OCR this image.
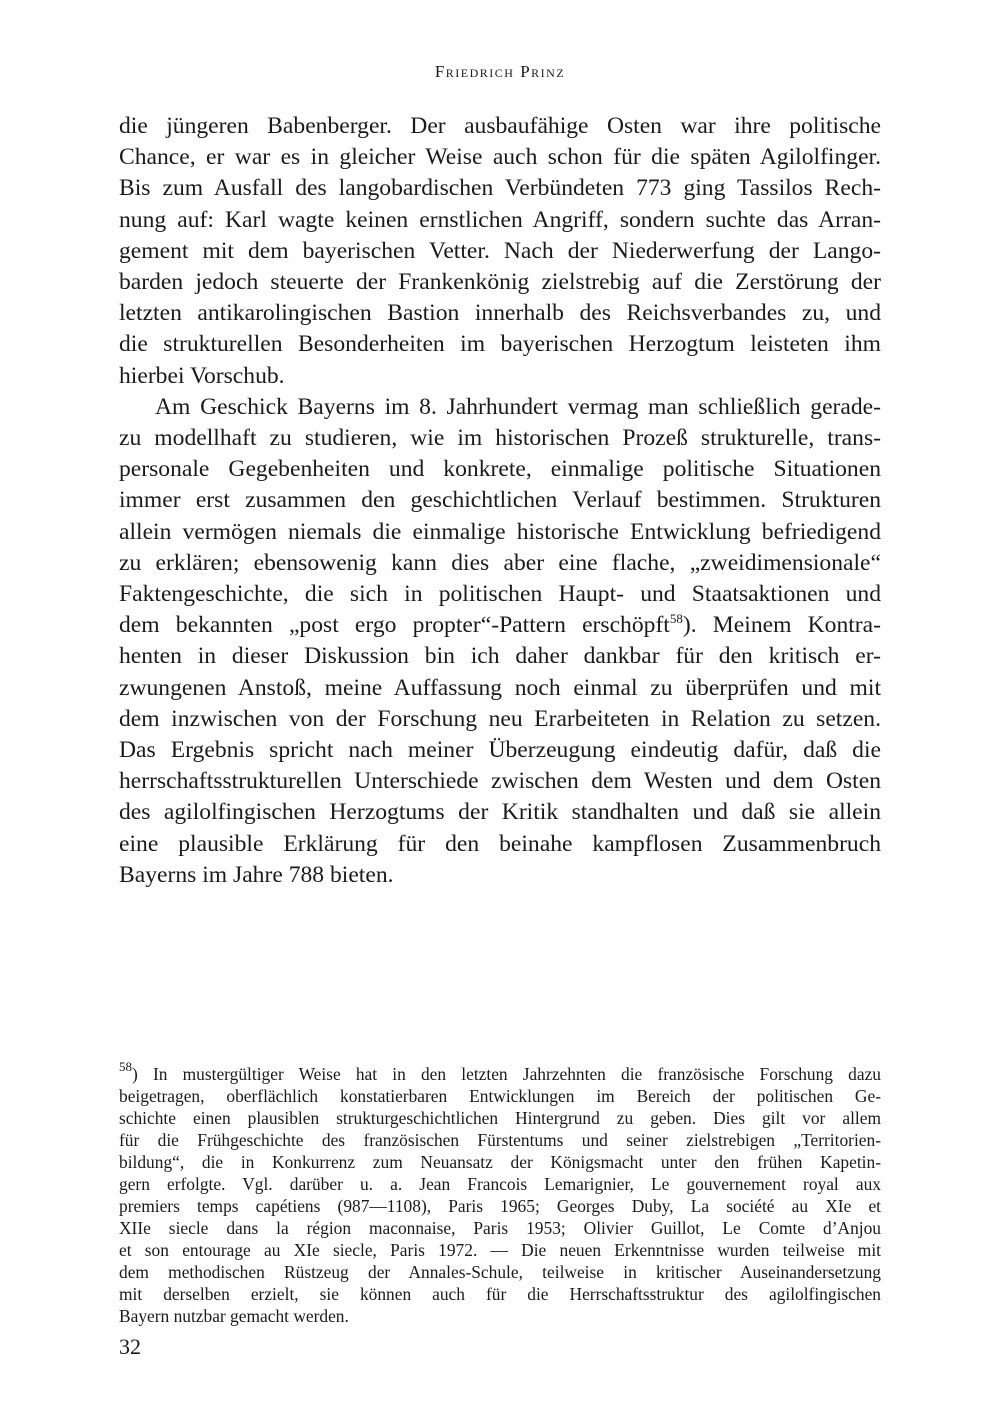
Friedrich Prinz
die jüngeren Babenberger. Der ausbaufähige Osten war ihre politische
Chance, er war es in gleicher Weise auch schon für die späten Agilolfinger.
Bis zum Ausfall des langobardischen Verbündeten 773 ging Tassilos Rech-
nung auf: Karl wagte keinen ernstlichen Angriff, sondern suchte das Arran-
gement mit dem bayerischen Vetter. Nach der Niederwerfung der Lango-
barden jedoch steuerte der Frankenkönig zielstrebig auf die Zerstörung der
letzten antikarolingischen Bastion innerhalb des Reichsverbandes zu, und
die strukturellen Besonderheiten im bayerischen Herzogtum leisteten ihm
hierbei Vorschub.
Am Geschick Bayerns im 8. Jahrhundert vermag man schließlich gerade-
zu modellhaft zu studieren, wie im historischen Prozeß strukturelle, trans-
personale Gegebenheiten und konkrete, einmalige politische Situationen
immer erst zusammen den geschichtlichen Verlauf bestimmen. Strukturen
allein vermögen niemals die einmalige historische Entwicklung befriedigend
zu erklären; ebensowenig kann dies aber eine flache, „zweidimensionale“
Faktengeschichte, die sich in politischen Haupt- und Staatsaktionen und
dem bekannten „post ergo propter“-Pattern erschöpft$^{58}$). Meinem Kontra-
henten in dieser Diskussion bin ich daher dankbar für den kritisch er-
zwungenen Anstoß, meine Auffassung noch einmal zu überprüfen und mit
dem inzwischen von der Forschung neu Erarbeiteten in Relation zu setzen.
Das Ergebnis spricht nach meiner Überzeugung eindeutig dafür, daß die
herrschaftsstrukturellen Unterschiede zwischen dem Westen und dem Osten
des agilolfingischen Herzogtums der Kritik standhalten und daß sie allein
eine plausible Erklärung für den beinahe kampflosen Zusammenbruch
Bayerns im Jahre 788 bieten.
$^{58}$) In mustergültiger Weise hat in den letzten Jahrzehnten die französische Forschung dazu
beigetragen, oberflächlich konstatierbaren Entwicklungen im Bereich der politischen Ge-
schichte einen plausiblen strukturgeschichtlichen Hintergrund zu geben. Dies gilt vor allem
für die Frühgeschichte des französischen Fürstentums und seiner zielstrebigen „Territorien-
bildung“, die in Konkurrenz zum Neuansatz der Königsmacht unter den frühen Kapetin-
gern erfolgte. Vgl. darüber u. a. Jean Francois Lemarignier, Le gouvernement royal aux
premiers temps capétiens (987—1108), Paris 1965; Georges Duby, La société au XIe et
XIIe siecle dans la région maconnaise, Paris 1953; Olivier Guillot, Le Comte d’Anjou
et son entourage au XIe siecle, Paris 1972. — Die neuen Erkenntnisse wurden teilweise mit
dem methodischen Rüstzeug der Annales-Schule, teilweise in kritischer Auseinandersetzung
mit derselben erzielt, sie können auch für die Herrschaftsstruktur des agilolfingischen
Bayern nutzbar gemacht werden.
32
